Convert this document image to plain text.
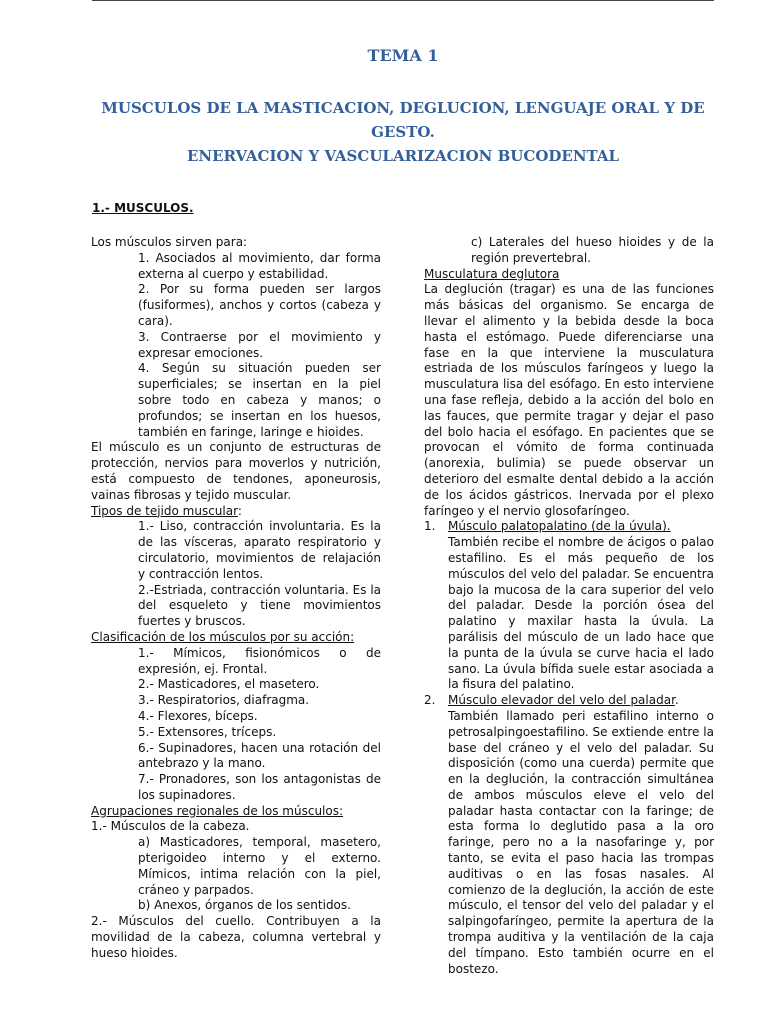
TEMA 1
MUSCULOS DE LA MASTICACION, DEGLUCION, LENGUAJE ORAL Y DE GESTO.
ENERVACION Y VASCULARIZACION BUCODENTAL
1.- MUSCULOS.

Los músculos sirven para:

1. Asociados al movimiento, dar forma externa al cuerpo y estabilidad.

2. Por su forma pueden ser largos (fusiformes), anchos y cortos (cabeza y cara).

3. Contraerse por el movimiento y expresar emociones.

4. Según su situación pueden ser superficiales; se insertan en la piel sobre todo en cabeza y manos; o profundos; se insertan en los huesos, también en faringe, laringe e hioides.

El músculo es un conjunto de estructuras de protección, nervios para moverlos y nutrición, está compuesto de tendones, aponeurosis, vainas fibrosas y tejido muscular.

Tipos de tejido muscular:

1.- Liso, contracción involuntaria. Es la de las vísceras, aparato respiratorio y circulatorio, movimientos de relajación y contracción lentos.

2.-Estriada, contracción voluntaria. Es la del esqueleto y tiene movimientos fuertes y bruscos.

Clasificación de los músculos por su acción:

1.- Mímicos, fisionómicos o de expresión, ej. Frontal.

2.- Masticadores, el masetero.

3.- Respiratorios, diafragma.

4.- Flexores, bíceps.

5.- Extensores, tríceps.

6.- Supinadores, hacen una rotación del antebrazo y la mano.

7.- Pronadores, son los antagonistas de los supinadores.

Agrupaciones regionales de los músculos:

1.- Músculos de la cabeza.

a) Masticadores, temporal, masetero, pterigoideo interno y el externo. Mímicos, intima relación con la piel, cráneo y parpados.

b) Anexos, órganos de los sentidos.

2.- Músculos del cuello. Contribuyen a la movilidad de la cabeza, columna vertebral y hueso hioides.

c) Laterales del hueso hioides y de la región prevertebral.

Musculatura deglutora

La deglución (tragar) es una de las funciones más básicas del organismo. Se encarga de llevar el alimento y la bebida desde la boca hasta el estómago. Puede diferenciarse una fase en la que interviene la musculatura estriada de los músculos faríngeos y luego la musculatura lisa del esófago. En esto interviene una fase refleja, debido a la acción del bolo en las fauces, que permite tragar y dejar el paso del bolo hacia el esófago. En pacientes que se provocan el vómito de forma continuada (anorexia, bulimia) se puede observar un deterioro del esmalte dental debido a la acción de los ácidos gástricos. Inervada por el plexo faríngeo y el nervio glosofaríngeo.

1. Músculo palatopalatino (de la úvula).

También recibe el nombre de ácigos o palao estafilino. Es el más pequeño de los músculos del velo del paladar. Se encuentra bajo la mucosa de la cara superior del velo del paladar. Desde la porción ósea del palatino y maxilar hasta la úvula. La parálisis del músculo de un lado hace que la punta de la úvula se curve hacia el lado sano. La úvula bífida suele estar asociada a la fisura del palatino.

2. Músculo elevador del velo del paladar.

También llamado peri estafilino interno o petrosalpingoestafilino. Se extiende entre la base del cráneo y el velo del paladar. Su disposición (como una cuerda) permite que en la deglución, la contracción simultánea de ambos músculos eleve el velo del paladar hasta contactar con la faringe; de esta forma lo deglutido pasa a la oro faringe, pero no a la nasofaringe y, por tanto, se evita el paso hacia las trompas auditivas o en las fosas nasales. Al comienzo de la deglución, la acción de este músculo, el tensor del velo del paladar y el salpingofaríngeo, permite la apertura de la trompa auditiva y la ventilación de la caja del tímpano. Esto también ocurre en el bostezo.
